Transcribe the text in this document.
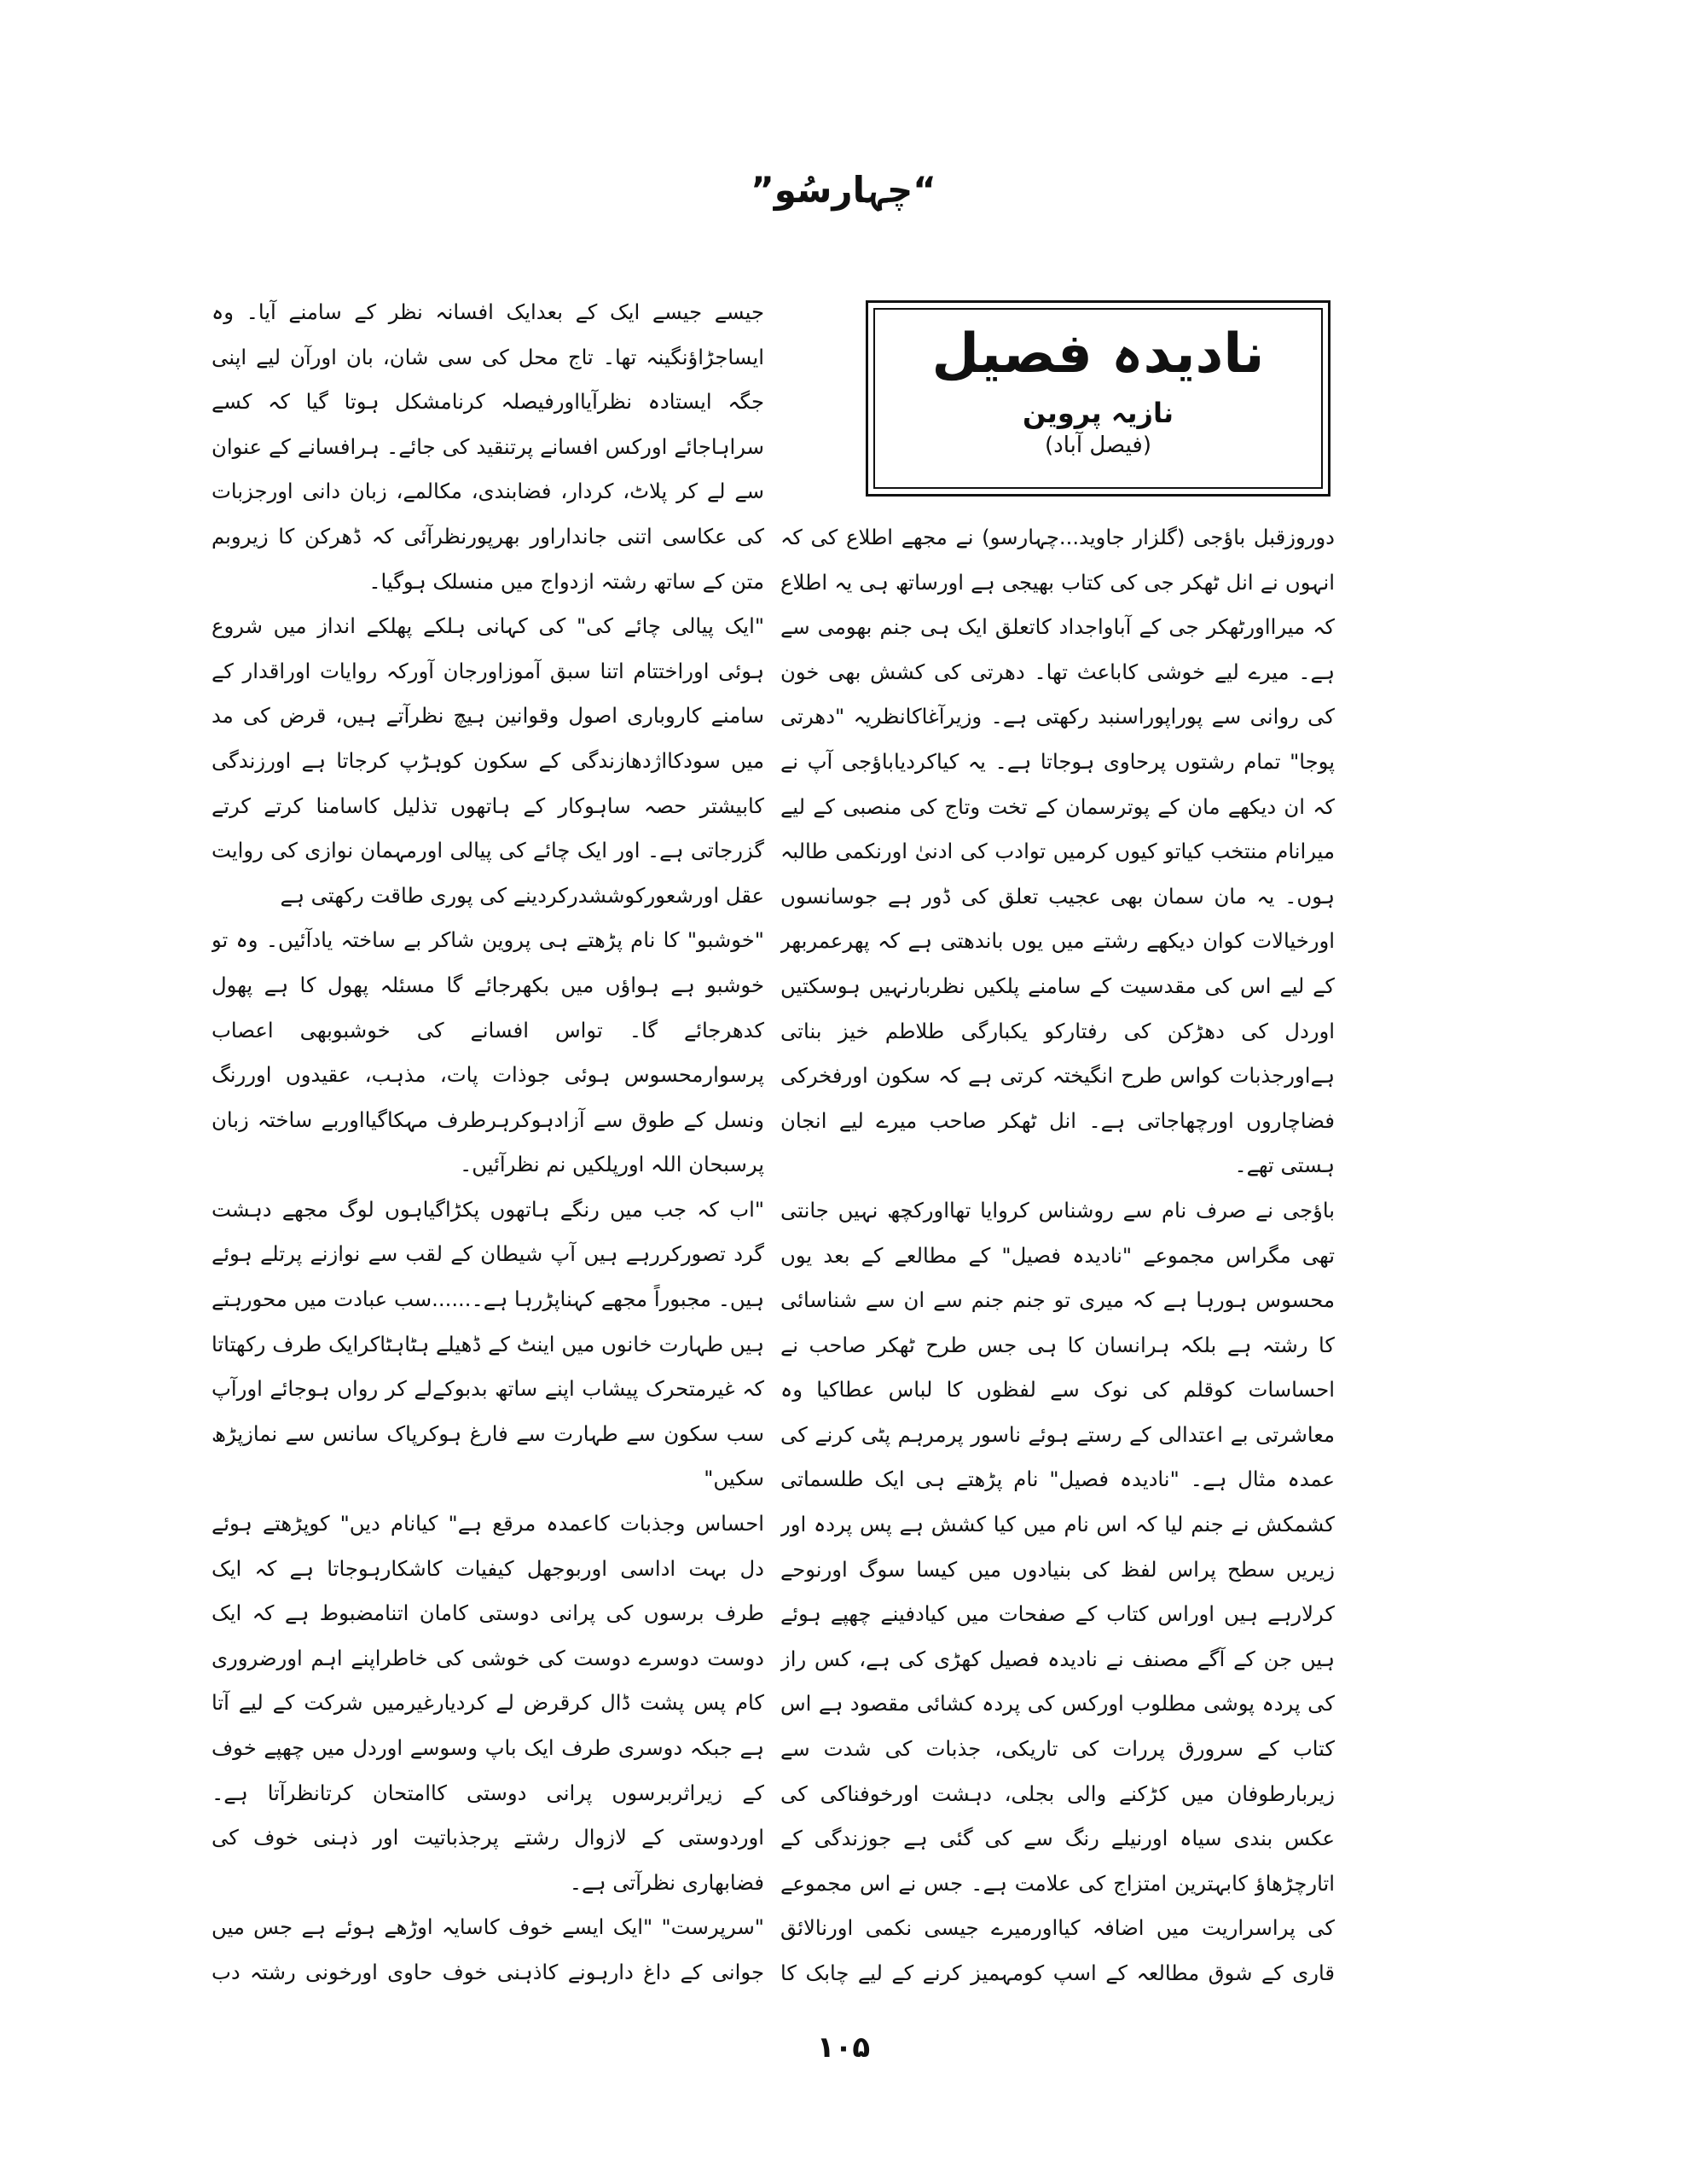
“چہارسُو”
نادیدہ فصیل
نازیہ پروین
(فیصل آباد)

دوروزقبل باؤجی (گلزار جاوید...چہارسو) نے مجھے اطلاع کی کہ انہوں نے انل ٹھکر جی کی کتاب بھیجی ہے اورساتھ ہی یہ اطلاع کہ میرااورٹھکر جی کے آباواجداد کاتعلق ایک ہی جنم بھومی سے ہے۔ میرے لیے خوشی کاباعث تھا۔ دھرتی کی کشش بھی خون کی روانی سے پوراپوراسنبد رکھتی ہے۔ وزیرآغاکانظریہ "دھرتی پوجا" تمام رشتوں پرحاوی ہوجاتا ہے۔ یہ کیاکردیاباؤجی آپ نے کہ ان دیکھے مان کے پوترسمان کے تخت وتاج کی منصبی کے لیے میرانام منتخب کیاتو کیوں کرمیں توادب کی ادنیٰ اورنکمی طالبہ ہوں۔ یہ مان سمان بھی عجیب تعلق کی ڈور ہے جوسانسوں اورخیالات کوان دیکھے رشتے میں یوں باندھتی ہے کہ پھرعمربھر کے لیے اس کی مقدسیت کے سامنے پلکیں نظربارنہیں ہوسکتیں اوردل کی دھڑکن کی رفتارکو یکبارگی طلاطم خیز بناتی ہےاورجذبات کواس طرح انگیختہ کرتی ہے کہ سکون اورفخرکی فضاچاروں اورچھاجاتی ہے۔ انل ٹھکر صاحب میرے لیے انجان ہستی تھے۔

باؤجی نے صرف نام سے روشناس کروایا تھااورکچھ نہیں جانتی تھی مگراس مجموعے "نادیدہ فصیل" کے مطالعے کے بعد یوں محسوس ہورہا ہے کہ میری تو جنم جنم سے ان سے شناسائی کا رشتہ ہے بلکہ ہرانسان کا ہی جس طرح ٹھکر صاحب نے احساسات کوقلم کی نوک سے لفظوں کا لباس عطاکیا وہ معاشرتی بے اعتدالی کے رستے ہوئے ناسور پرمرہم پٹی کرنے کی عمدہ مثال ہے۔ "نادیدہ فصیل" نام پڑھتے ہی ایک طلسماتی کشمکش نے جنم لیا کہ اس نام میں کیا کشش ہے پس پردہ اور زیریں سطح پراس لفظ کی بنیادوں میں کیسا سوگ اورنوحے کرلارہے ہیں اوراس کتاب کے صفحات میں کیادفینے چھپے ہوئے ہیں جن کے آگے مصنف نے نادیدہ فصیل کھڑی کی ہے، کس راز کی پردہ پوشی مطلوب اورکس کی پردہ کشائی مقصود ہے اس کتاب کے سرورق پررات کی تاریکی، جذبات کی شدت سے زیربارطوفان میں کڑکنے والی بجلی، دہشت اورخوفناکی کی عکس بندی سیاہ اورنیلے رنگ سے کی گئی ہے جوزندگی کے اتارچڑھاؤ کابہترین امتزاج کی علامت ہے۔ جس نے اس مجموعے کی پراسراریت میں اضافہ کیااورمیرے جیسی نکمی اورنالائق قاری کے شوق مطالعہ کے اسپ کومہمیز کرنے کے لیے چابک کا

جیسے جیسے ایک کے بعدایک افسانہ نظر کے سامنے آیا۔ وہ ایساجڑاؤنگینہ تھا۔ تاج محل کی سی شان، بان اورآن لیے اپنی جگہ ایستادہ نظرآیااورفیصلہ کرنامشکل ہوتا گیا کہ کسے سراہاجائے اورکس افسانے پرتنقید کی جائے۔ ہرافسانے کے عنوان سے لے کر پلاٹ، کردار، فضابندی، مکالمے، زبان دانی اورجزبات کی عکاسی اتنی جانداراور بھرپورنظرآئی کہ ڈھرکن کا زیروبم متن کے ساتھ رشتہ ازدواج میں منسلک ہوگیا۔

"ایک پیالی چائے کی" کی کہانی ہلکے پھلکے انداز میں شروع ہوئی اوراختتام اتنا سبق آموزاورجان آورکہ روایات اوراقدار کے سامنے کاروباری اصول وقوانین ہیچ نظرآتے ہیں، قرض کی مد میں سودکااژدھازندگی کے سکون کوہڑپ کرجاتا ہے اورزندگی کابیشتر حصہ ساہوکار کے ہاتھوں تذلیل کاسامنا کرتے کرتے گزرجاتی ہے۔ اور ایک چائے کی پیالی اورمہمان نوازی کی روایت عقل اورشعورکوششدرکردینے کی پوری طاقت رکھتی ہے

"خوشبو" کا نام پڑھتے ہی پروین شاکر بے ساختہ یادآئیں۔ وہ تو خوشبو ہے ہواؤں میں بکھرجائے گا مسئلہ پھول کا ہے پھول کدھرجائے گا۔ تواس افسانے کی خوشبوبھی اعصاب پرسوارمحسوس ہوئی جوذات پات، مذہب، عقیدوں اوررنگ ونسل کے طوق سے آزادہوکرہرطرف مہکاگیااوربے ساختہ زبان پرسبحان اللہ اورپلکیں نم نظرآئیں۔

"اب کہ جب میں رنگے ہاتھوں پکڑاگیاہوں لوگ مجھے دہشت گرد تصورکررہے ہیں آپ شیطان کے لقب سے نوازنے پرتلے ہوئے ہیں۔ مجبوراً مجھے کہناپڑرہا ہے۔......سب عبادت میں محورہتے ہیں طہارت خانوں میں اینٹ کے ڈھیلے ہٹاہٹاکرایک طرف رکھتاتا کہ غیرمتحرک پیشاب اپنے ساتھ بدبوکےلے کر رواں ہوجائے اورآپ سب سکون سے طہارت سے فارغ ہوکرپاک سانس سے نمازپڑھ سکیں"

احساس وجذبات کاعمدہ مرقع ہے" کیانام دیں" کوپڑھتے ہوئے دل بہت اداسی اوربوجھل کیفیات کاشکارہوجاتا ہے کہ ایک طرف برسوں کی پرانی دوستی کامان اتنامضبوط ہے کہ ایک دوست دوسرے دوست کی خوشی کی خاطراپنے اہم اورضروری کام پس پشت ڈال کرقرض لے کردیارغیرمیں شرکت کے لیے آتا ہے جبکہ دوسری طرف ایک باپ وسوسے اوردل میں چھپے خوف کے زیراثربرسوں پرانی دوستی کاامتحان کرتانظرآتا ہے۔ اوردوستی کے لازوال رشتے پرجذباتیت اور ذہنی خوف کی فضابھاری نظرآتی ہے۔

"سرپرست" "ایک ایسے خوف کاسایہ اوڑھے ہوئے ہے جس میں جوانی کے داغ دارہونے کاذہنی خوف حاوی اورخونی رشتہ دب

۱۰۵
